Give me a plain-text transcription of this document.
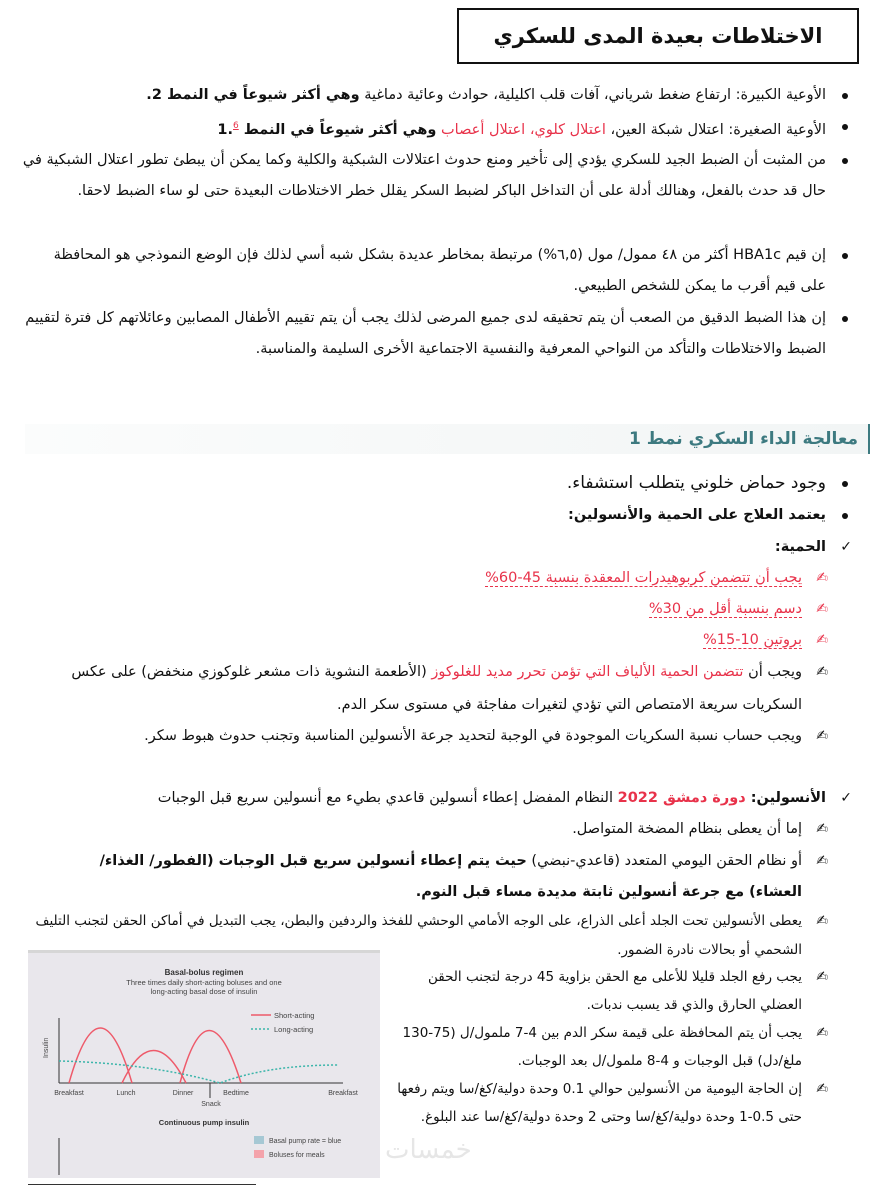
الاختلاطات بعيدة المدى للسكري
الأوعية الكبيرة: ارتفاع ضغط شرياني، آفات قلب اكليلية، حوادث وعائية دماغية وهي أكثر شيوعاً في النمط 2.
الأوعية الصغيرة: اعتلال شبكة العين، اعتلال كلوي، اعتلال أعصاب وهي أكثر شيوعاً في النمط 1.$^6$
من المثبت أن الضبط الجيد للسكري يؤدي إلى تأخير ومنع حدوث اعتلالات الشبكية والكلية وكما يمكن أن يبطئ تطور اعتلال الشبكية في حال قد حدث بالفعل، وهنالك أدلة على أن التداخل الباكر لضبط السكر يقلل خطر الاختلاطات البعيدة حتى لو ساء الضبط لاحقا.
إن قيم HBA1c أكثر من ٤٨ ممول/ مول (٦,٥%) مرتبطة بمخاطر عديدة بشكل شبه أسي لذلك فإن الوضع النموذجي هو المحافظة على قيم أقرب ما يمكن للشخص الطبيعي.
إن هذا الضبط الدقيق من الصعب أن يتم تحقيقه لدى جميع المرضى لذلك يجب أن يتم تقييم الأطفال المصابين وعائلاتهم كل فترة لتقييم الضبط والاختلاطات والتأكد من النواحي المعرفية والنفسية الاجتماعية الأخرى السليمة والمناسبة.
معالجة الداء السكري نمط 1
وجود حماض خلوني يتطلب استشفاء.
يعتمد العلاج على الحمية والأنسولين:
✓
الحمية:
✍
يجب أن تتضمن كربوهيدرات المعقدة بنسبة 45-60%
✍
دسم بنسبة أقل من 30%
✍
بروتين 10-15%
✍
ويجب أن تتضمن الحمية الألياف التي تؤمن تحرر مديد للغلوكوز (الأطعمة النشوية ذات مشعر غلوكوزي منخفض) على عكس السكريات سريعة الامتصاص التي تؤدي لتغيرات مفاجئة في مستوى سكر الدم.
✍
ويجب حساب نسبة السكريات الموجودة في الوجبة لتحديد جرعة الأنسولين المناسبة وتجنب حدوث هبوط سكر.
✓
الأنسولين: دورة دمشق 2022 النظام المفضل إعطاء أنسولين قاعدي بطيء مع أنسولين سريع قبل الوجبات
✍
إما أن يعطى بنظام المضخة المتواصل.
✍
أو نظام الحقن اليومي المتعدد (قاعدي-نبضي) حيث يتم إعطاء أنسولين سريع قبل الوجبات (الفطور/ الغذاء/ العشاء) مع جرعة أنسولين ثابتة مديدة مساء قبل النوم.
✍
يعطى الأنسولين تحت الجلد أعلى الذراع، على الوجه الأمامي الوحشي للفخذ والردفين والبطن، يجب التبديل في أماكن الحقن لتجنب التليف الشحمي أو بحالات نادرة الضمور.
✍
يجب رفع الجلد قليلا للأعلى مع الحقن بزاوية 45 درجة لتجنب الحقن العضلي الحارق والذي قد يسبب ندبات.
✍
يجب أن يتم المحافظة على قيمة سكر الدم بين 4-7 ملمول/ل (75-130 ملغ/دل) قبل الوجبات و 4-8 ملمول/ل بعد الوجبات.
✍
إن الحاجة اليومية من الأنسولين حوالي 0.1 وحدة دولية/كغ/سا ويتم رفعها حتى 0.5-1 وحدة دولية/كغ/سا وحتى 2 وحدة دولية/كغ/سا عند البلوغ.
Basal-bolus regimen
Three times daily short-acting boluses and one
long-acting basal dose of insulin
Short-acting
Long-acting
Insulin
Breakfast	Lunch	Dinner	Bedtime	Breakfast
Snack
Continuous pump insulin
Basal pump rate = blue
Boluses for meals خمسات
